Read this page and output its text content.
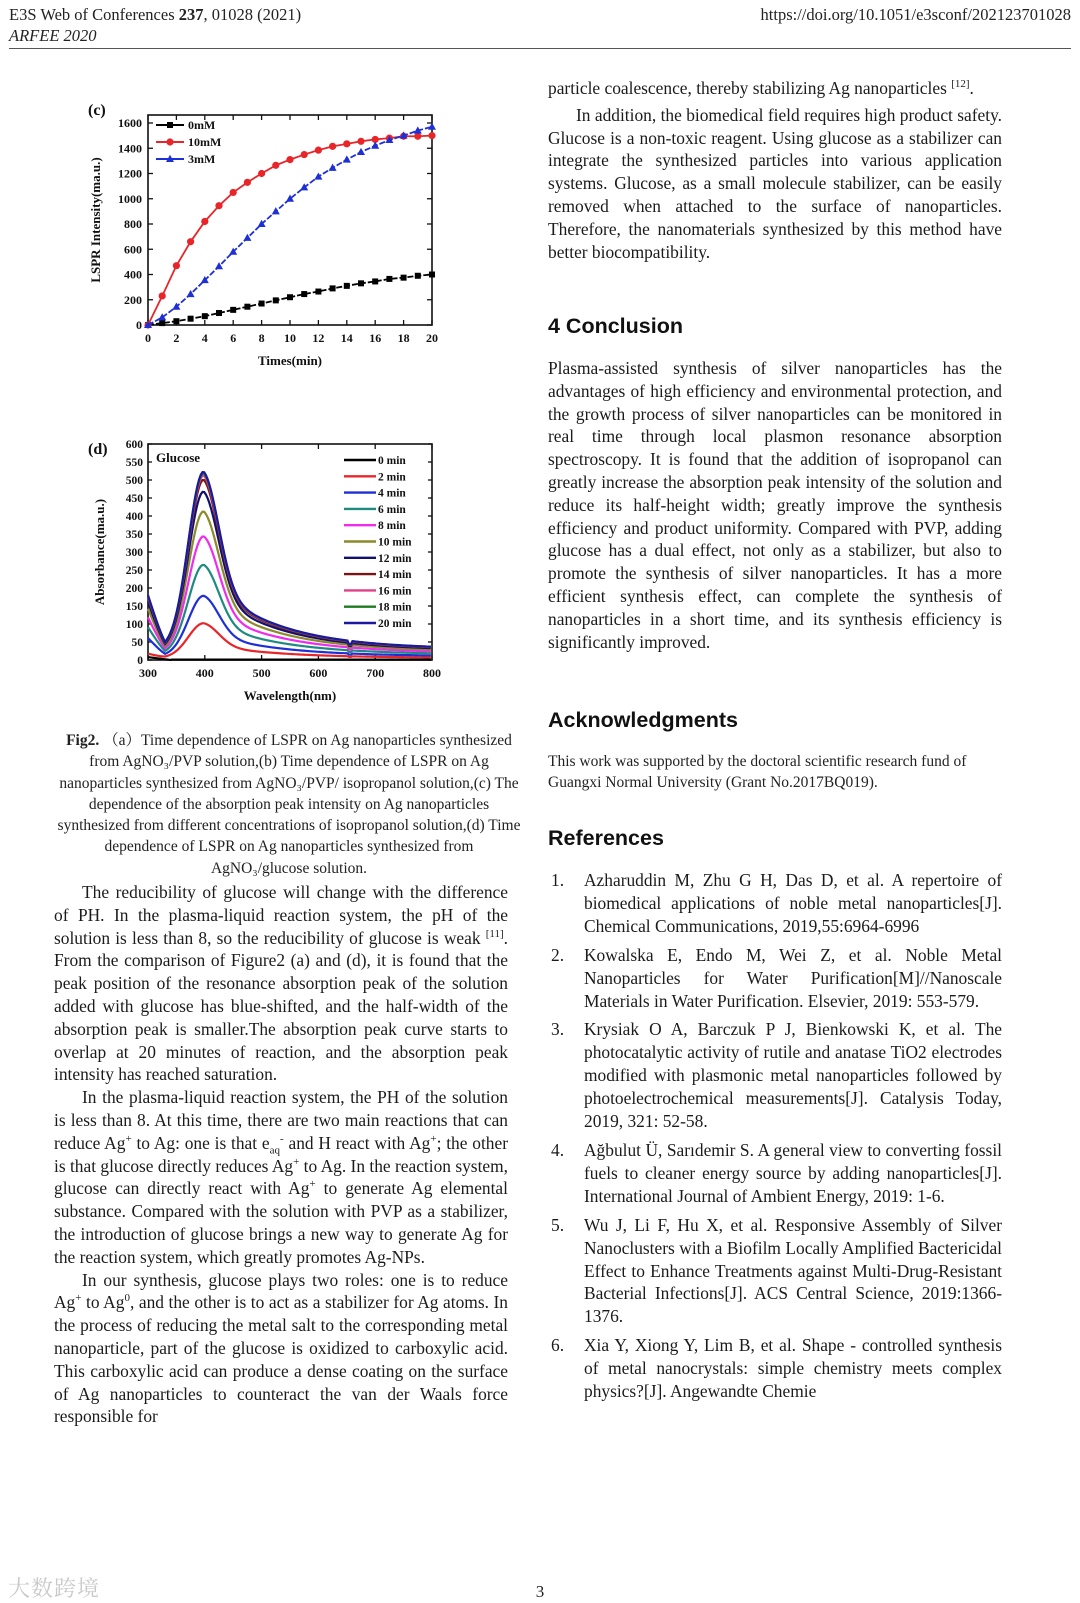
E3S Web of Conferences 237, 01028 (2021)
ARFEE 2020
https://doi.org/10.1051/e3sconf/202123701028
0 2 4 6 8 10 12 14 16 18 20
0
200
400
600
800
1000
1200
1400
1600
Times(min)
LSPR Intensity(ma.u.)
(c)
0mM
10mM
3mM
300	400	500	600	700	800
0
50
100
150
200
250
300
350
400
450
500
550
600
Wavelength(nm)
Absorbance(ma.u.)
(d)	Glucose	0 min
2 min
4 min
6 min
8 min
10 min
12 min
14 min
16 min
18 min
20 min
Fig2. （a）Time dependence of LSPR on Ag nanoparticles synthesized from AgNO₃/PVP solution,(b) Time dependence of LSPR on Ag nanoparticles synthesized from AgNO₃/PVP/ isopropanol solution,(c) The dependence of the absorption peak intensity on Ag nanoparticles synthesized from different concentrations of isopropanol solution,(d) Time dependence of LSPR on Ag nanoparticles synthesized from AgNO₃/glucose solution.

The reducibility of glucose will change with the difference of PH. In the plasma-liquid reaction system, the pH of the solution is less than 8, so the reducibility of glucose is weak [11]. From the comparison of Figure2 (a) and (d), it is found that the peak position of the resonance absorption peak of the solution added with glucose has blue-shifted, and the half-width of the absorption peak is smaller.The absorption peak curve starts to overlap at 20 minutes of reaction, and the absorption peak intensity has reached saturation.

In the plasma-liquid reaction system, the PH of the solution is less than 8. At this time, there are two main reactions that can reduce Ag+ to Ag: one is that $e_{aq}^-$ and H react with Ag+; the other is that glucose directly reduces Ag+ to Ag. In the reaction system, glucose can directly react with Ag+ to generate Ag elemental substance. Compared with the solution with PVP as a stabilizer, the introduction of glucose brings a new way to generate Ag for the reaction system, which greatly promotes Ag-NPs.

In our synthesis, glucose plays two roles: one is to reduce Ag+ to Ag$^0$, and the other is to act as a stabilizer for Ag atoms. In the process of reducing the metal salt to the corresponding metal nanoparticle, part of the glucose is oxidized to carboxylic acid. This carboxylic acid can produce a dense coating on the surface of Ag nanoparticles to counteract the van der Waals force responsible for

particle coalescence, thereby stabilizing Ag nanoparticles [12].

In addition, the biomedical field requires high product safety. Glucose is a non-toxic reagent. Using glucose as a stabilizer can integrate the synthesized particles into various application systems. Glucose, as a small molecule stabilizer, can be easily removed when attached to the surface of nanoparticles. Therefore, the nanomaterials synthesized by this method have better biocompatibility.

4 Conclusion

Plasma-assisted synthesis of silver nanoparticles has the advantages of high efficiency and environmental protection, and the growth process of silver nanoparticles can be monitored in real time through local plasmon resonance absorption spectroscopy. It is found that the addition of isopropanol can greatly increase the absorption peak intensity of the solution and reduce its half-height width; greatly improve the synthesis efficiency and product uniformity. Compared with PVP, adding glucose has a dual effect, not only as a stabilizer, but also to promote the synthesis of silver nanoparticles. It has a more efficient synthesis effect, can complete the synthesis of nanoparticles in a short time, and its synthesis efficiency is significantly improved.

Acknowledgments
This work was supported by the doctoral scientific research fund of Guangxi Normal University (Grant No.2017BQ019).
References
1. Azharuddin M, Zhu G H, Das D, et al. A repertoire of biomedical applications of noble metal nanoparticles[J]. Chemical Communications, 2019,55:6964-6996
2. Kowalska E, Endo M, Wei Z, et al. Noble Metal Nanoparticles for Water Purification[M]//Nanoscale Materials in Water Purification. Elsevier, 2019: 553-579.
3. Krysiak O A, Barczuk P J, Bienkowski K, et al. The photocatalytic activity of rutile and anatase TiO2 electrodes modified with plasmonic metal nanoparticles followed by photoelectrochemical measurements[J]. Catalysis Today, 2019, 321: 52-58.
4. Ağbulut Ü, Sarıdemir S. A general view to converting fossil fuels to cleaner energy source by adding nanoparticles[J]. International Journal of Ambient Energy, 2019: 1-6.
5. Wu J, Li F, Hu X, et al. Responsive Assembly of Silver Nanoclusters with a Biofilm Locally Amplified Bactericidal Effect to Enhance Treatments against Multi-Drug-Resistant Bacterial Infections[J]. ACS Central Science, 2019:1366-1376.
6. Xia Y, Xiong Y, Lim B, et al. Shape - controlled synthesis of metal nanocrystals: simple chemistry meets complex physics?[J]. Angewandte Chemie
大数跨境	3
